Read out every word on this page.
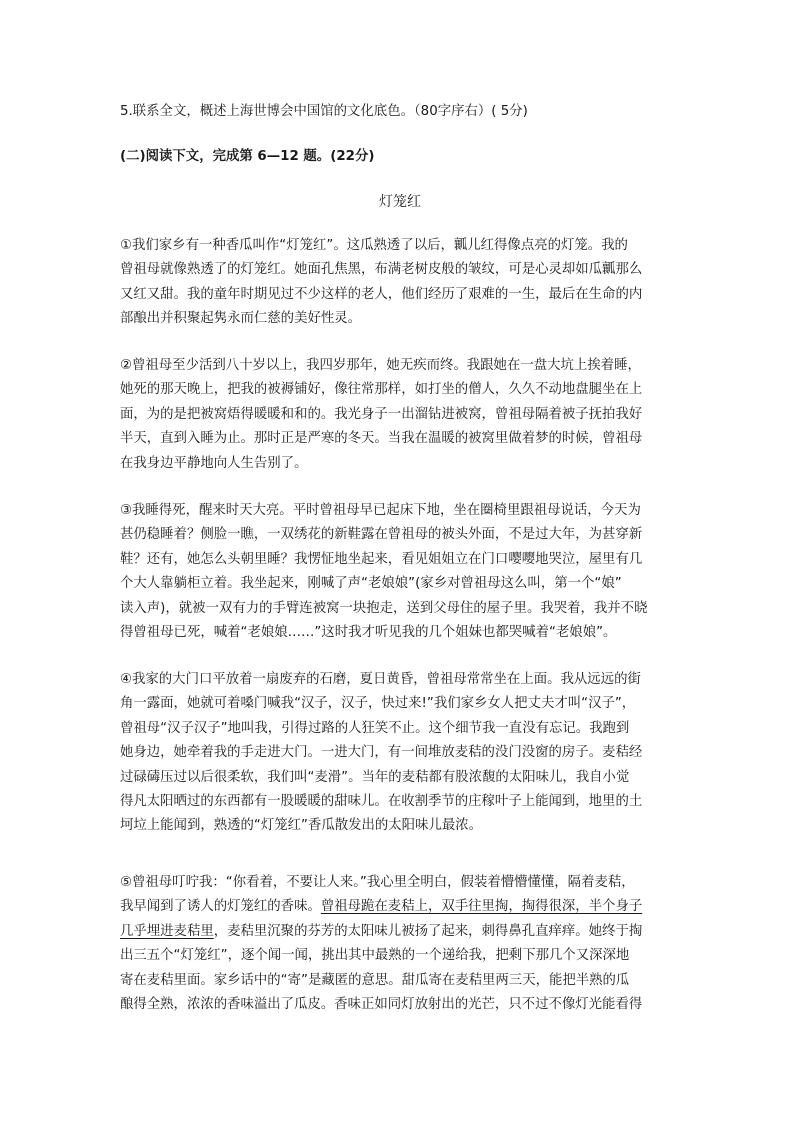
5.联系全文，概述上海世博会中国馆的文化底色。（80字序右）( 5分)
(二)阅读下文，完成第 6—12 题。(22分)
灯笼红
①我们家乡有一种香瓜叫作“灯笼红”。这瓜熟透了以后，瓤儿红得像点亮的灯笼。我的
曾祖母就像熟透了的灯笼红。她面孔焦黑，布满老树皮般的皱纹，可是心灵却如瓜瓤那么
又红又甜。我的童年时期见过不少这样的老人，他们经历了艰难的一生，最后在生命的内
部酿出并积聚起隽永而仁慈的美好性灵。
②曾祖母至少活到八十岁以上，我四岁那年，她无疾而终。我跟她在一盘大坑上挨着睡，
她死的那天晚上，把我的被褥铺好，像往常那样，如打坐的僧人，久久不动地盘腿坐在上
面，为的是把被窝焐得暖暖和和的。我光身子一出溜钻进被窝，曾祖母隔着被子抚拍我好
半天，直到入睡为止。那时正是严寒的冬天。当我在温暖的被窝里做着梦的时候，曾祖母
在我身边平静地向人生告别了。
③我睡得死，醒来时天大亮。平时曾祖母早已起床下地，坐在圈椅里跟祖母说话，今天为
甚仍稳睡着？侧脸一瞧，一双绣花的新鞋露在曾祖母的被头外面，不是过大年，为甚穿新
鞋？还有，她怎么头朝里睡？我愣怔地坐起来，看见姐姐立在门口嘤嘤地哭泣，屋里有几
个大人靠躺柜立着。我坐起来，刚喊了声“老娘娘”(家乡对曾祖母这么叫，第一个“娘”
读入声)，就被一双有力的手臂连被窝一块抱走，送到父母住的屋子里。我哭着，我并不晓
得曾祖母已死，喊着“老娘娘……”这时我才听见我的几个姐妹也都哭喊着“老娘娘”。
④我家的大门口平放着一扇废弃的石磨，夏日黄昏，曾祖母常常坐在上面。我从远远的街
角一露面，她就可着嗓门喊我“汉子，汉子，快过来!”我们家乡女人把丈夫才叫“汉子”，
曾祖母“汉子汉子”地叫我，引得过路的人狂笑不止。这个细节我一直没有忘记。我跑到
她身边，她牵着我的手走进大门。一进大门，有一间堆放麦秸的没门没窗的房子。麦秸经
过碌碡压过以后很柔软，我们叫“麦滑”。当年的麦秸都有股浓馥的太阳味儿，我自小觉
得凡太阳晒过的东西都有一股暖暖的甜味儿。在收割季节的庄稼叶子上能闻到，地里的土
坷垃上能闻到，熟透的“灯笼红”香瓜散发出的太阳味儿最浓。
⑤曾祖母叮咛我：“你看着，不要让人来。”我心里全明白，假装着懵懵懂懂，隔着麦秸，
我早闻到了诱人的灯笼红的香味。曾祖母跪在麦秸上，双手往里掏，掏得很深，半个身子
几乎埋进麦秸里，麦秸里沉聚的芬芳的太阳味儿被扬了起来，刺得鼻孔直痒痒。她终于掏
出三五个“灯笼红”，逐个闻一闻，挑出其中最熟的一个递给我，把剩下那几个又深深地
寄在麦秸里面。家乡话中的“寄”是藏匿的意思。甜瓜寄在麦秸里两三天，能把半熟的瓜
酿得全熟，浓浓的香味溢出了瓜皮。香味正如同灯放射出的光芒，只不过不像灯光能看得
